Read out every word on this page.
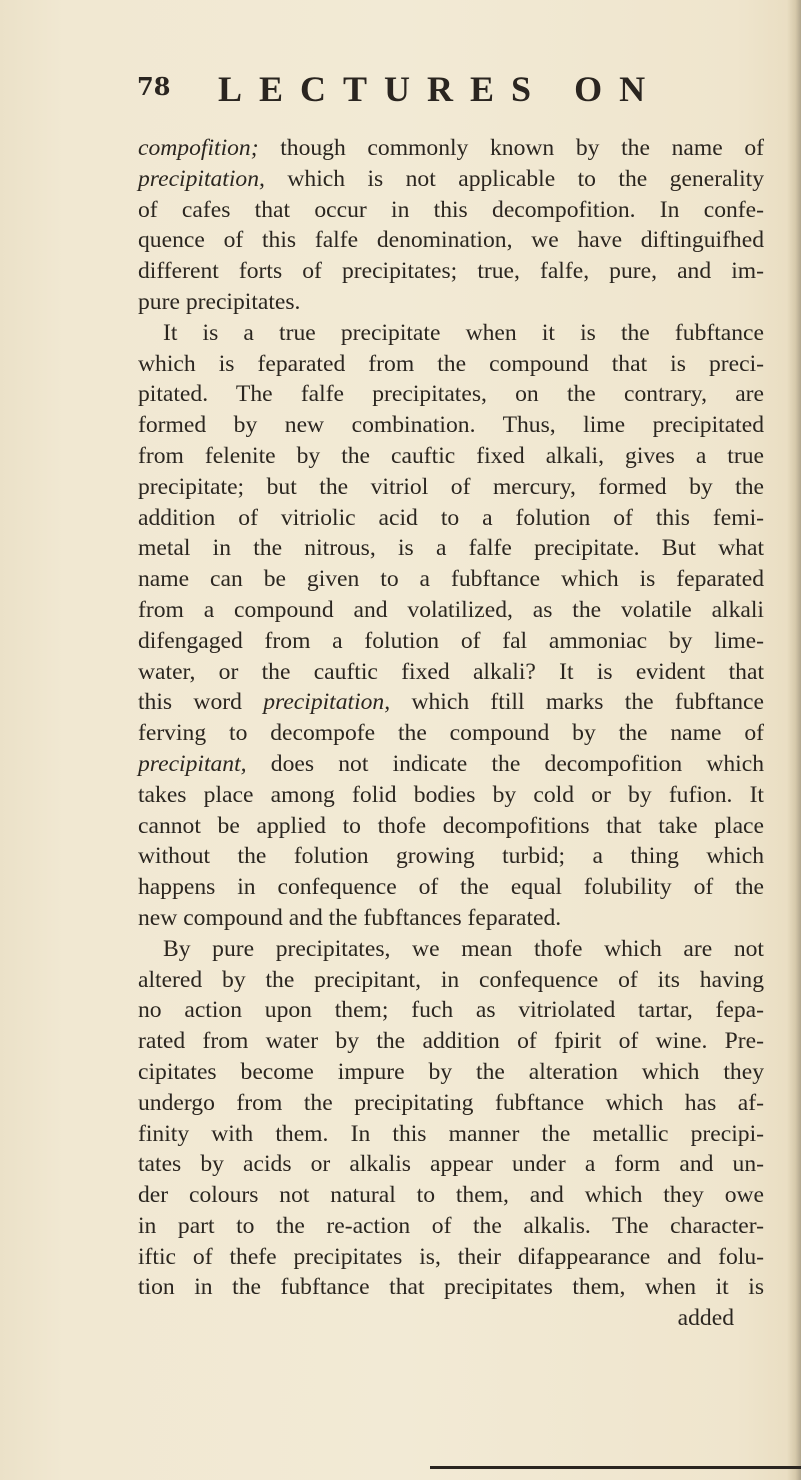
78 LECTURES ON
compofition; though commonly known by the name of
precipitation, which is not applicable to the generality
of cafes that occur in this decompofition. In confe-
quence of this falfe denomination, we have diftinguifhed
different forts of precipitates; true, falfe, pure, and im-
pure precipitates.
It is a true precipitate when it is the fubftance
which is feparated from the compound that is preci-
pitated. The falfe precipitates, on the contrary, are
formed by new combination. Thus, lime precipitated
from felenite by the cauftic fixed alkali, gives a true
precipitate; but the vitriol of mercury, formed by the
addition of vitriolic acid to a folution of this femi-
metal in the nitrous, is a falfe precipitate. But what
name can be given to a fubftance which is feparated
from a compound and volatilized, as the volatile alkali
difengaged from a folution of fal ammoniac by lime-
water, or the cauftic fixed alkali? It is evident that
this word precipitation, which ftill marks the fubftance
ferving to decompofe the compound by the name of
precipitant, does not indicate the decompofition which
takes place among folid bodies by cold or by fufion. It
cannot be applied to thofe decompofitions that take place
without the folution growing turbid; a thing which
happens in confequence of the equal folubility of the
new compound and the fubftances feparated.
By pure precipitates, we mean thofe which are not
altered by the precipitant, in confequence of its having
no action upon them; fuch as vitriolated tartar, fepa-
rated from water by the addition of fpirit of wine. Pre-
cipitates become impure by the alteration which they
undergo from the precipitating fubftance which has af-
finity with them. In this manner the metallic precipi-
tates by acids or alkalis appear under a form and un-
der colours not natural to them, and which they owe
in part to the re-action of the alkalis. The character-
iftic of thefe precipitates is, their difappearance and folu-
tion in the fubftance that precipitates them, when it is
added
